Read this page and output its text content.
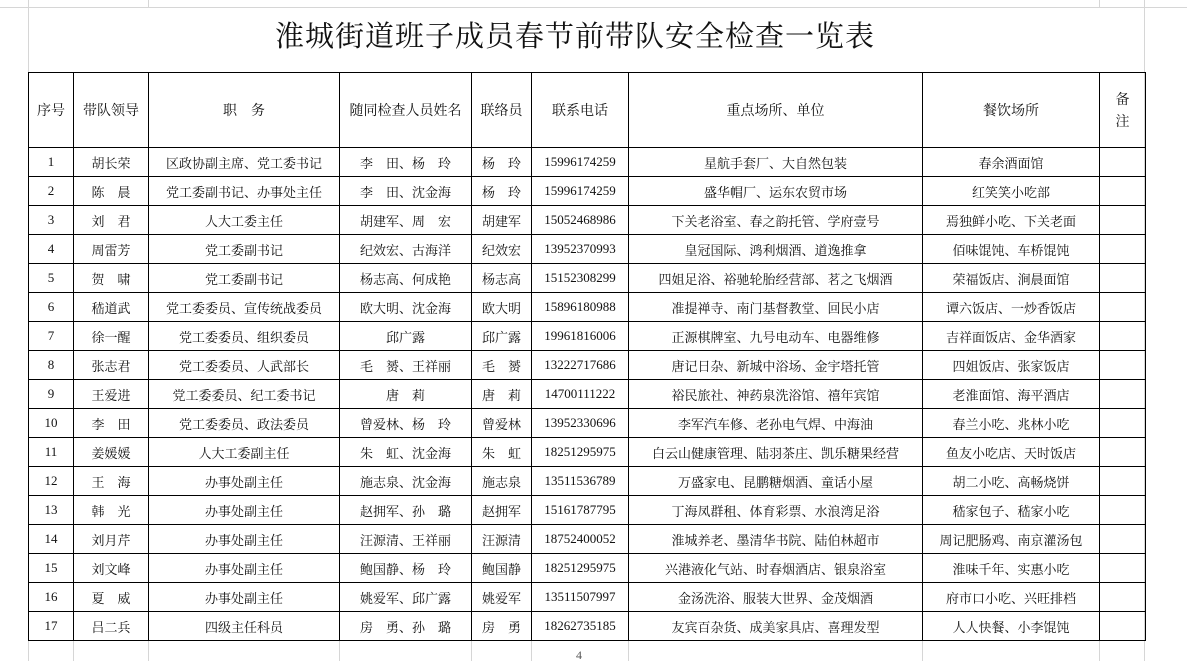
淮城街道班子成员春节前带队安全检查一览表
序号	带队领导	职　务	随同检查人员姓名	联络员	联系电话	重点场所、单位	餐饮场所	备
注

1	胡长荣	区政协副主席、党工委书记	李　田、杨　玲	杨　玲	15996174259	星航手套厂、大自然包装	春余酒面馆	
2	陈　晨	党工委副书记、办事处主任	李　田、沈金海	杨　玲	15996174259	盛华帽厂、运东农贸市场	红笑笑小吃部	
3	刘　君	人大工委主任	胡建军、周　宏	胡建军	15052468986	下关老浴室、春之韵托管、学府壹号	焉独鲜小吃、下关老面	
4	周雷芳	党工委副书记	纪效宏、古海洋	纪效宏	13952370993	皇冠国际、鸿利烟酒、道逸推拿	佰味馄饨、车桥馄饨	
5	贺　啸	党工委副书记	杨志高、何成艳	杨志高	15152308299	四姐足浴、裕驰轮胎经营部、茗之飞烟酒	荣福饭店、涧晨面馆	
6	嵇道武	党工委委员、宣传统战委员	欧大明、沈金海	欧大明	15896180988	准提禅寺、南门基督教堂、回民小店	谭六饭店、一炒香饭店	
7	徐一醒	党工委委员、组织委员	邱广露	邱广露	19961816006	正源棋牌室、九号电动车、电器维修	吉祥面饭店、金华酒家	
8	张志君	党工委委员、人武部长	毛　赟、王祥丽	毛　赟	13222717686	唐记日杂、新城中浴场、金宇塔托管	四姐饭店、张家饭店	
9	王爱进	党工委委员、纪工委书记	唐　莉	唐　莉	14700111222	裕民旅社、神药泉洗浴馆、禧年宾馆	老淮面馆、海平酒店	
10	李　田	党工委委员、政法委员	曾爱林、杨　玲	曾爱林	13952330696	李军汽车修、老孙电气焊、中海油	春兰小吃、兆林小吃	
11	姜媛媛	人大工委副主任	朱　虹、沈金海	朱　虹	18251295975	白云山健康管理、陆羽茶庄、凯乐糖果经营	鱼友小吃店、天时饭店	
12	王　海	办事处副主任	施志泉、沈金海	施志泉	13511536789	万盛家电、昆鹏糖烟酒、童话小屋	胡二小吃、高畅烧饼	
13	韩　光	办事处副主任	赵拥军、孙　璐	赵拥军	15161787795	丁海凤群租、体育彩票、水浪湾足浴	嵇家包子、嵇家小吃	
14	刘月芹	办事处副主任	汪源清、王祥丽	汪源清	18752400052	淮城养老、墨清华书院、陆伯林超市	周记肥肠鸡、南京灌汤包	
15	刘文峰	办事处副主任	鲍国静、杨　玲	鲍国静	18251295975	兴港液化气站、时春烟酒店、银泉浴室	淮味千年、实惠小吃	
16	夏　威	办事处副主任	姚爱军、邱广露	姚爱军	13511507997	金汤洗浴、服装大世界、金茂烟酒	府市口小吃、兴旺排档	
17	吕二兵	四级主任科员	房　勇、孙　璐	房　勇	18262735185	友宾百杂货、成美家具店、喜理发型	人人快餐、小李馄饨	
4
